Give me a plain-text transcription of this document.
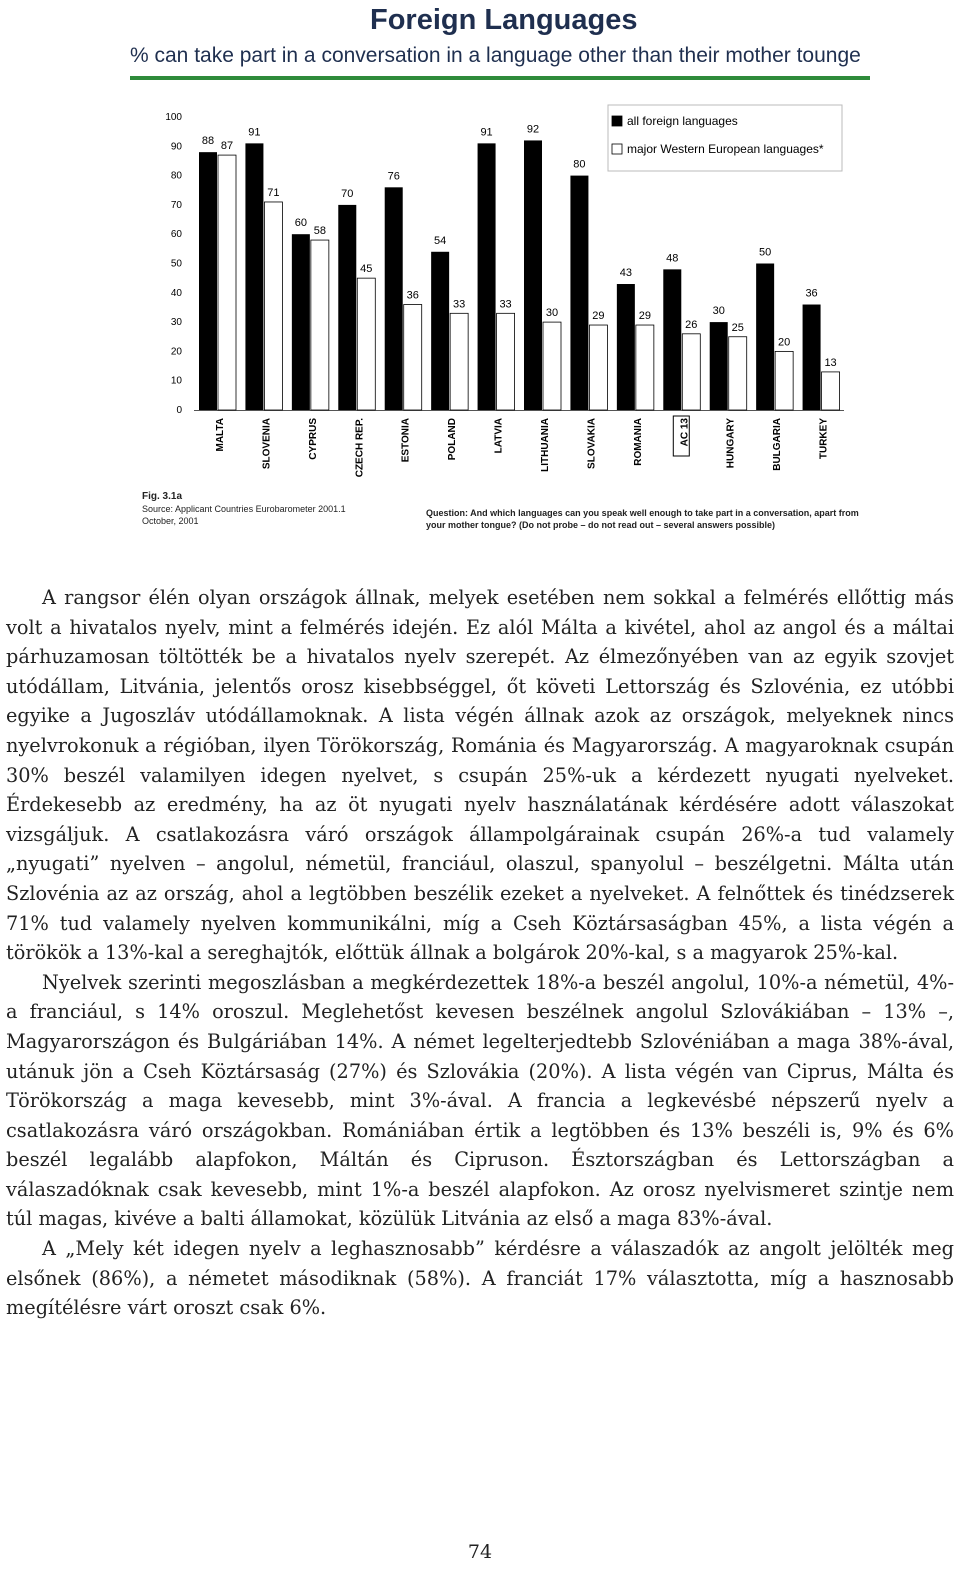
Foreign Languages
% can take part in a conversation in a language other than their mother tounge
0
10
20
30
40
50
60
70
80
90
100
MALTA	SLOVENIA	CYPRUS	CZECH REP.	ESTONIA	POLAND	LATVIA	LITHUANIA	SLOVAKIA	ROMANIA	AC 13	HUNGARY	BULGARIA	TURKEY
88 87
91
71
60
58
70
45
76
36
54
33
91
33
92
30
80
29
43
29
48
26
30
25
50
20
36
13
all foreign languages
major Western European languages*
Fig. 3.1a
Source: Applicant Countries Eurobarometer 2001.1
October, 2001
Question: And which languages can you speak well enough to take part in a conversation, apart from
your mother tongue? (Do not probe – do not read out – several answers possible)

A rangsor élén olyan országok állnak, melyek esetében nem sokkal a felmérés ellőttig más volt a hivatalos nyelv, mint a felmérés idején. Ez alól Málta a kivétel, ahol az angol és a máltai párhuzamosan töltötték be a hivatalos nyelv szerepét. Az élmezőnyében van az egyik szovjet utódállam, Litvánia, jelentős orosz kisebbséggel, őt követi Lettország és Szlovénia, ez utóbbi egyike a Jugoszláv utódállamoknak. A lista végén állnak azok az országok, melyeknek nincs nyelvrokonuk a régióban, ilyen Törökország, Románia és Magyarország. A magyaroknak csupán 30% beszél valamilyen idegen nyelvet, s csupán 25%-uk a kérdezett nyugati nyelveket. Érdekesebb az eredmény, ha az öt nyugati nyelv használatának kérdésére adott válaszokat vizsgáljuk. A csatlakozásra váró országok állampolgárainak csupán 26%-a tud valamely „nyugati” nyelven – angolul, németül, franciául, olaszul, spanyolul – beszélgetni. Málta után Szlovénia az az ország, ahol a legtöbben beszélik ezeket a nyelveket. A felnőttek és tinédzserek 71% tud valamely nyelven kommunikálni, míg a Cseh Köztársaságban 45%, a lista végén a törökök a 13%-kal a sereghajtók, előttük állnak a bolgárok 20%-kal, s a magyarok 25%-kal.

Nyelvek szerinti megoszlásban a megkérdezettek 18%-a beszél angolul, 10%-a németül, 4%-a franciául, s 14% oroszul. Meglehetőst kevesen beszélnek angolul Szlovákiában – 13% –, Magyarországon és Bulgáriában 14%. A német legelterjedtebb Szlovéniában a maga 38%-ával, utánuk jön a Cseh Köztársaság (27%) és Szlovákia (20%). A lista végén van Ciprus, Málta és Törökország a maga kevesebb, mint 3%-ával. A francia a legkevésbé népszerű nyelv a csatlakozásra váró országokban. Romániában értik a legtöbben és 13% beszéli is, 9% és 6% beszél legalább alapfokon, Máltán és Cipruson. Észtországban és Lettországban a válaszadóknak csak kevesebb, mint 1%-a beszél alapfokon. Az orosz nyelvismeret szintje nem túl magas, kivéve a balti államokat, közülük Litvánia az első a maga 83%-ával.

A „Mely két idegen nyelv a leghasznosabb” kérdésre a válaszadók az angolt jelölték meg elsőnek (86%), a németet másodiknak (58%). A franciát 17% választotta, míg a hasznosabb megítélésre várt oroszt csak 6%.

74
